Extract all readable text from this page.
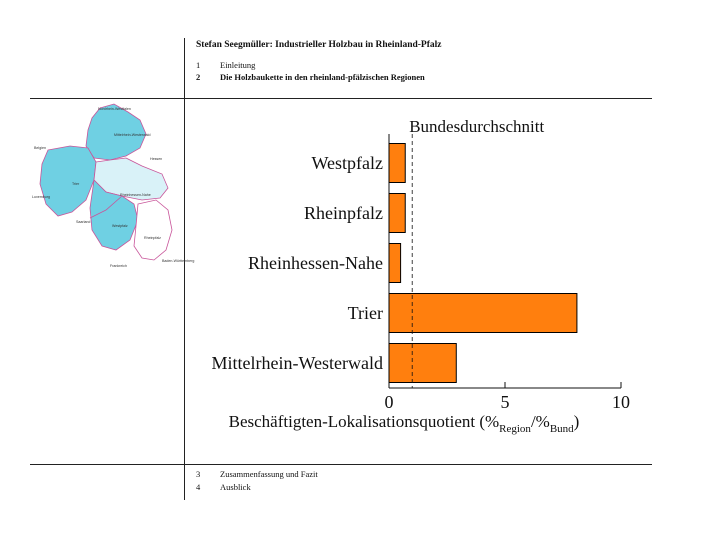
Stefan Seegmüller: Industrieller Holzbau in Rheinland-Pfalz
1 Einleitung
2 Die Holzbaukette in den rheinland-pfälzischen Regionen
3 Zusammenfassung und Fazit
4 Ausblick
Nordrhein-Westfalen
Mittelrhein-Westerwald
Trier
Rheinhessen-Nahe
Westpfalz
Rheinpfalz
Hessen
Saarland
Luxemburg
Belgien
Frankreich
Baden-Württemberg
0	5	10
Westpfalz
Rheinpfalz
Rheinhessen-Nahe
Trier
Mittelrhein-Westerwald
Bundesdurchschnitt
Beschäftigten-Lokalisationsquotient $(\%_{Region}/\%_{Bund})$
